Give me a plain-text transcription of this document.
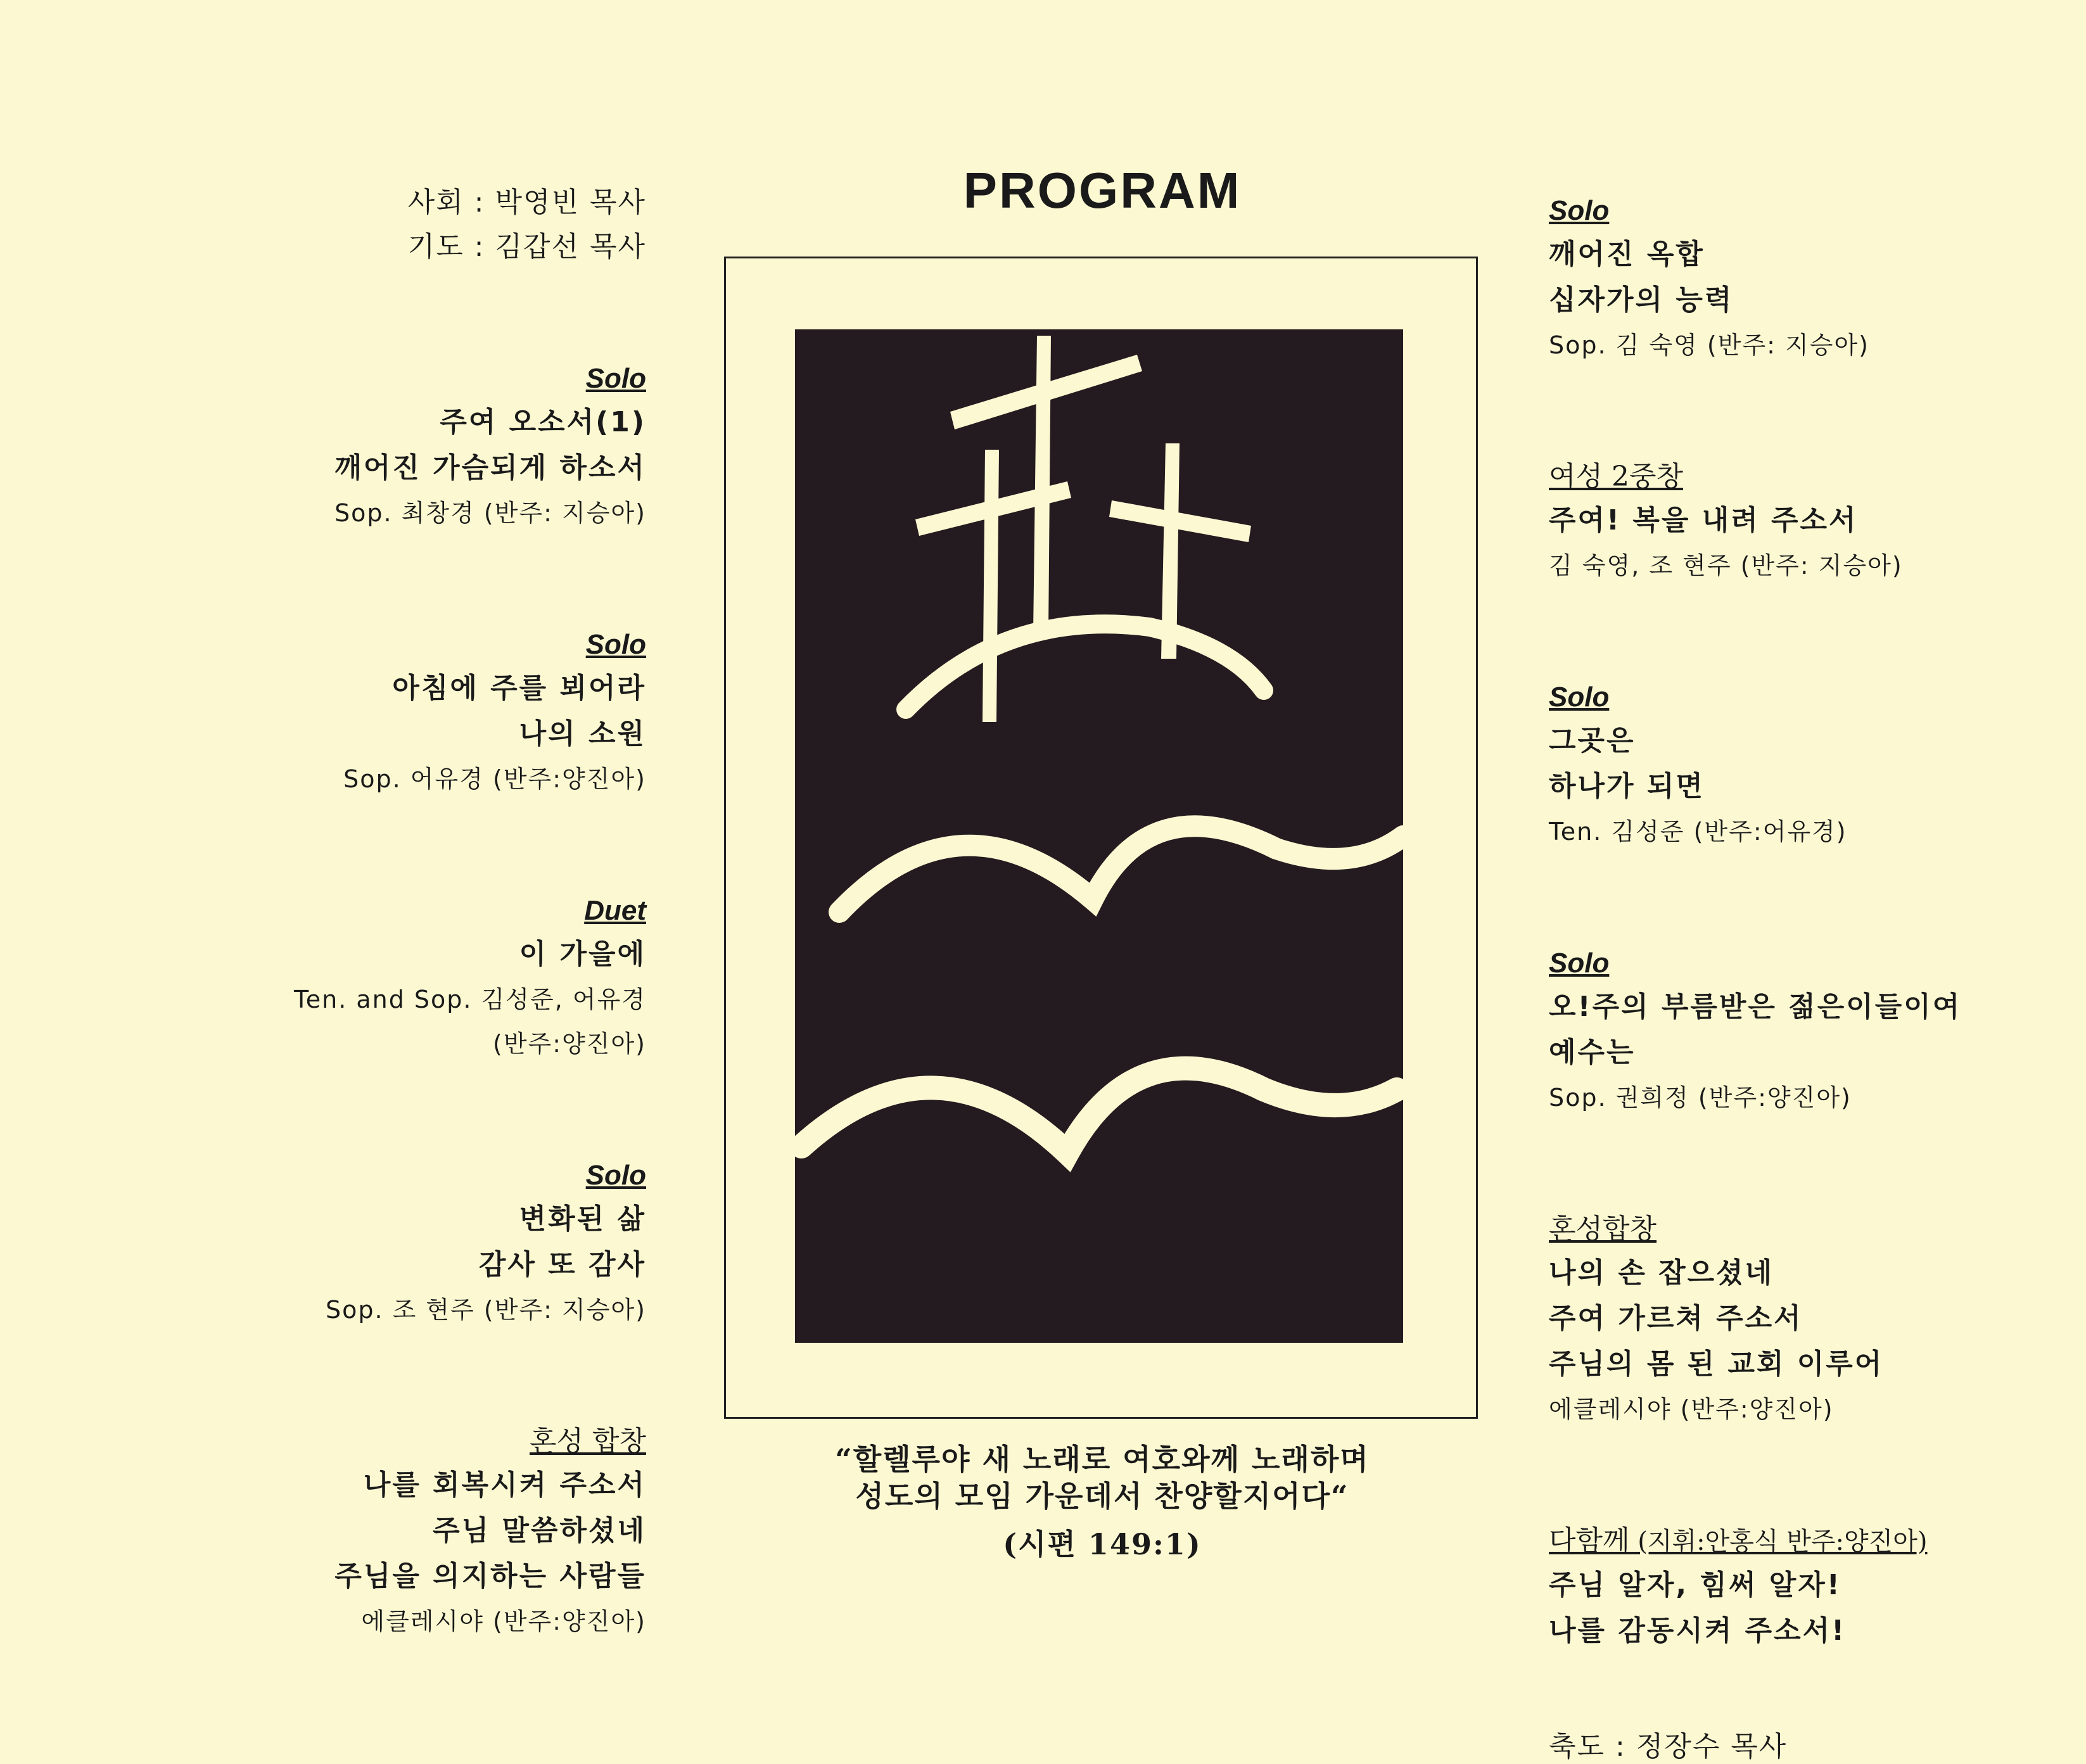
PROGRAM
사회 : 박영빈 목사
기도 : 김갑선 목사
Solo
주여 오소서(1)
깨어진 가슴되게 하소서
Sop. 최창경 (반주: 지승아)
Solo
아침에 주를 뵈어라
나의 소원
Sop. 어유경 (반주:양진아)
Duet
이 가을에
Ten. and Sop. 김성준, 어유경
(반주:양진아)
Solo
변화된 삶
감사 또 감사
Sop. 조 현주 (반주: 지승아)
혼성 합창
나를 회복시켜 주소서
주님 말씀하셨네
주님을 의지하는 사람들
에클레시야 (반주:양진아)
“할렐루야 새 노래로 여호와께 노래하며
성도의 모임 가운데서 찬양할지어다“
(시편 149:1)
Solo
깨어진 옥합
십자가의 능력
Sop. 김 숙영 (반주: 지승아)
여성 2중창
주여! 복을 내려 주소서
김 숙영, 조 현주 (반주: 지승아)
Solo
그곳은
하나가 되면
Ten. 김성준 (반주:어유경)
Solo
오!주의 부름받은 젊은이들이여
예수는
Sop. 권희정 (반주:양진아)
혼성합창
나의 손 잡으셨네
주여 가르쳐 주소서
주님의 몸 된 교회 이루어
에클레시야 (반주:양진아)
다함께 (지휘:안홍식 반주:양진아)
주님 알자, 힘써 알자!
나를 감동시켜 주소서!
축도 : 정장수 목사
